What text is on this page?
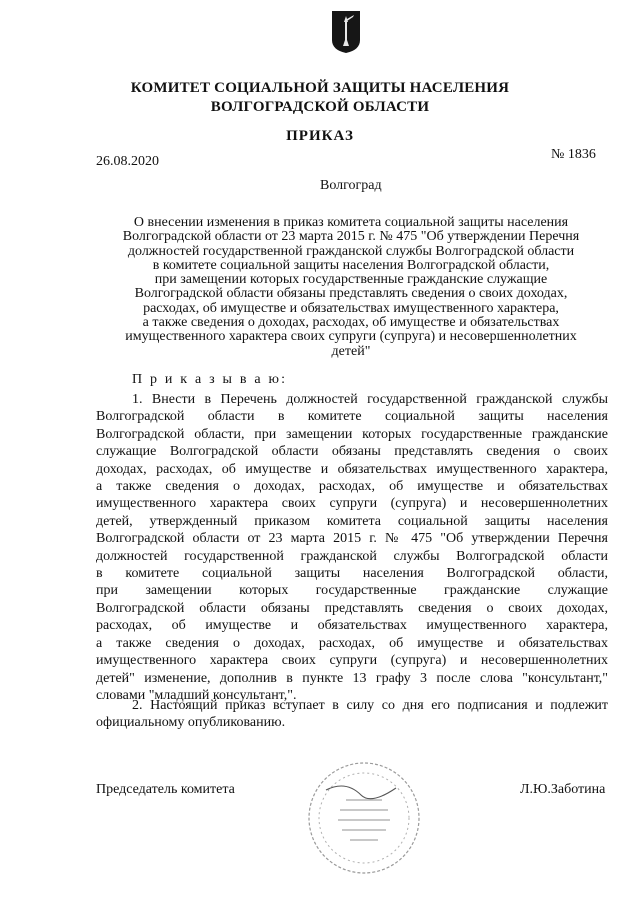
КОМИТЕТ СОЦИАЛЬНОЙ ЗАЩИТЫ НАСЕЛЕНИЯ
ВОЛГОГРАДСКОЙ ОБЛАСТИ
ПРИКАЗ
26.08.2020	№ 1836
Волгоград
О внесении изменения в приказ комитета социальной защиты населения
Волгоградской области от 23 марта 2015 г. № 475 "Об утверждении Перечня
должностей государственной гражданской службы Волгоградской области
в комитете социальной защиты населения Волгоградской области,
при замещении которых государственные гражданские служащие
Волгоградской области обязаны представлять сведения о своих доходах,
расходах, об имуществе и обязательствах имущественного характера,
а также сведения о доходах, расходах, об имуществе и обязательствах
имущественного характера своих супруги (супруга) и несовершеннолетних
детей"
П р и к а з ы в а ю:
1. Внести в Перечень должностей государственной гражданской службы
Волгоградской области в комитете социальной защиты населения
Волгоградской области, при замещении которых государственные гражданские
служащие Волгоградской области обязаны представлять сведения о своих
доходах, расходах, об имуществе и обязательствах имущественного характера,
а также сведения о доходах, расходах, об имуществе и обязательствах
имущественного характера своих супруги (супруга) и несовершеннолетних
детей, утвержденный приказом комитета социальной защиты населения
Волгоградской области от 23 марта 2015 г. № 475 "Об утверждении Перечня
должностей государственной гражданской службы Волгоградской области
в комитете социальной защиты населения Волгоградской области,
при замещении которых государственные гражданские служащие
Волгоградской области обязаны представлять сведения о своих доходах,
расходах, об имуществе и обязательствах имущественного характера,
а также сведения о доходах, расходах, об имуществе и обязательствах
имущественного характера своих супруги (супруга) и несовершеннолетних
детей" изменение, дополнив в пункте 13 графу 3 после слова "консультант,"
словами "младший консультант,".
2. Настоящий приказ вступает в силу со дня его подписания и подлежит
официальному опубликованию.
Председатель комитета	Л.Ю.Заботина
